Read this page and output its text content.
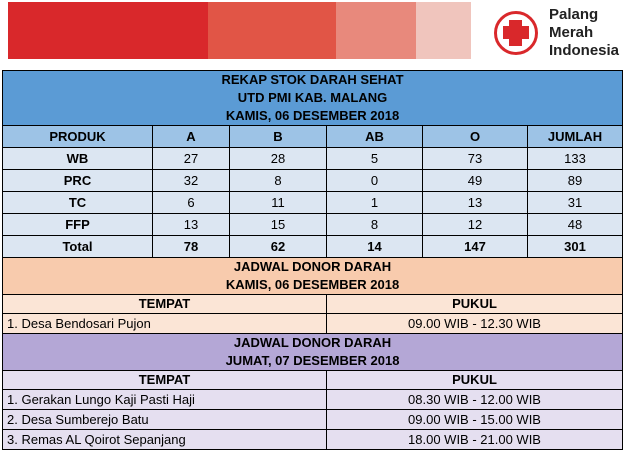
Palang
Merah
Indonesia
REKAP STOK DARAH SEHAT					
UTD PMI KAB. MALANG					
KAMIS, 06 DESEMBER 2018					
PRODUK	A	B	AB	O	JUMLAH
WB	27	28	5	73	133
PRC	32	8	0	49	89
TC	6	11	1	13	31
FFP	13	15	8	12	48
Total	78	62	14	147	301
JADWAL DONOR DARAH					
KAMIS, 06 DESEMBER 2018					
TEMPAT			PUKUL		
1. Desa Bendosari Pujon			09.00 WIB - 12.30 WIB		
JADWAL DONOR DARAH					
JUMAT, 07 DESEMBER 2018					
TEMPAT			PUKUL		
1. Gerakan Lungo Kaji Pasti Haji			08.30 WIB - 12.00 WIB		
2. Desa Sumberejo Batu			09.00 WIB - 15.00 WIB		
3. Remas AL Qoirot Sepanjang			18.00 WIB - 21.00 WIB		
